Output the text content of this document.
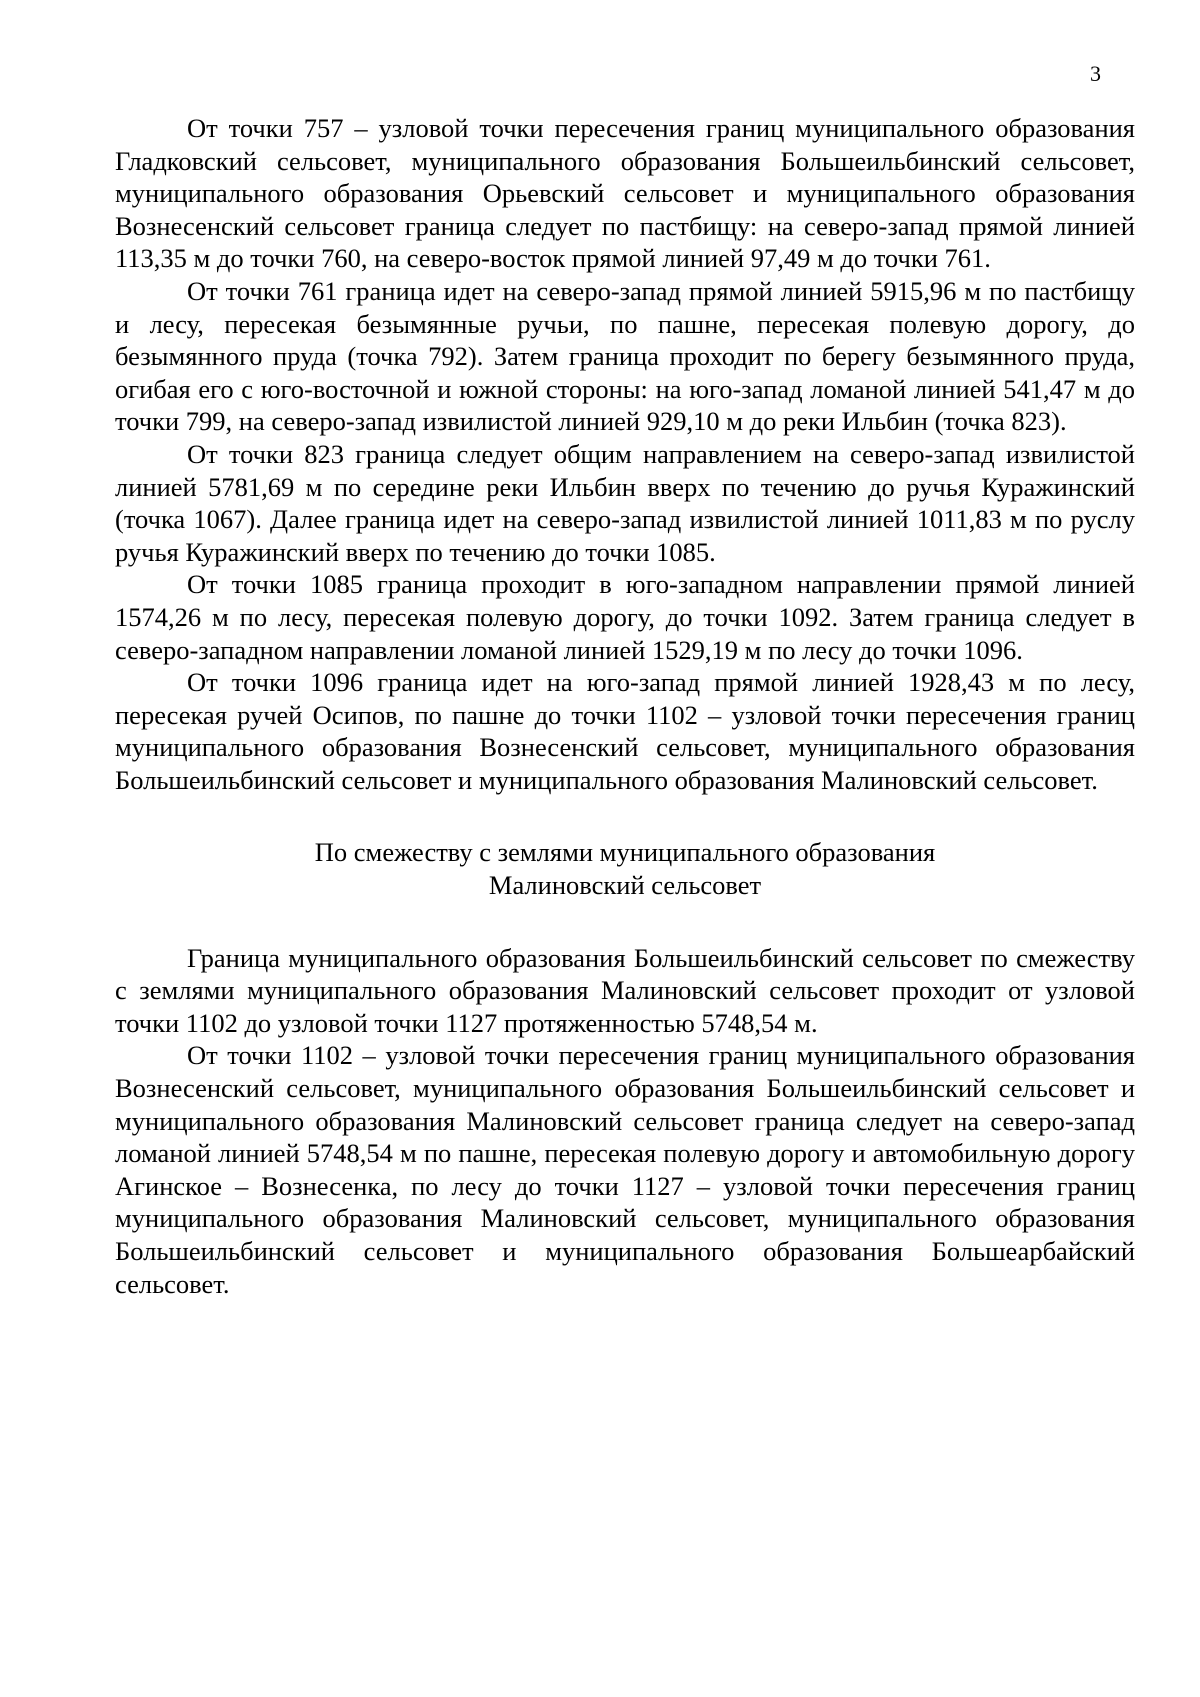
3

От точки 757 – узловой точки пересечения границ муниципального образования Гладковский сельсовет, муниципального образования Большеильбинский сельсовет, муниципального образования Орьевский сельсовет и муниципального образования Вознесенский сельсовет граница следует по пастбищу: на северо-запад прямой линией 113,35 м до точки 760, на северо-восток прямой линией 97,49 м до точки 761.

От точки 761 граница идет на северо-запад прямой линией 5915,96 м по пастбищу и лесу, пересекая безымянные ручьи, по пашне, пересекая полевую дорогу, до безымянного пруда (точка 792). Затем граница проходит по берегу безымянного пруда, огибая его с юго-восточной и южной стороны: на юго-запад ломаной линией 541,47 м до точки 799, на северо-запад извилистой линией 929,10 м до реки Ильбин (точка 823).

От точки 823 граница следует общим направлением на северо-запад извилистой линией 5781,69 м по середине реки Ильбин вверх по течению до ручья Куражинский (точка 1067). Далее граница идет на северо-запад извилистой линией 1011,83 м по руслу ручья Куражинский вверх по течению до точки 1085.

От точки 1085 граница проходит в юго-западном направлении прямой линией 1574,26 м по лесу, пересекая полевую дорогу, до точки 1092. Затем граница следует в северо-западном направлении ломаной линией 1529,19 м по лесу до точки 1096.

От точки 1096 граница идет на юго-запад прямой линией 1928,43 м по лесу, пересекая ручей Осипов, по пашне до точки 1102 – узловой точки пересечения границ муниципального образования Вознесенский сельсовет, муниципального образования Большеильбинский сельсовет и муниципального образования Малиновский сельсовет.

По смежеству с землями муниципального образования
Малиновский сельсовет

Граница муниципального образования Большеильбинский сельсовет по смежеству с землями муниципального образования Малиновский сельсовет проходит от узловой точки 1102 до узловой точки 1127 протяженностью 5748,54 м.

От точки 1102 – узловой точки пересечения границ муниципального образования Вознесенский сельсовет, муниципального образования Большеильбинский сельсовет и муниципального образования Малиновский сельсовет граница следует на северо-запад ломаной линией 5748,54 м по пашне, пересекая полевую дорогу и автомобильную дорогу Агинское – Вознесенка, по лесу до точки 1127 – узловой точки пересечения границ муниципального образования Малиновский сельсовет, муниципального образования Большеильбинский сельсовет и муниципального образования Большеарбайский сельсовет.
